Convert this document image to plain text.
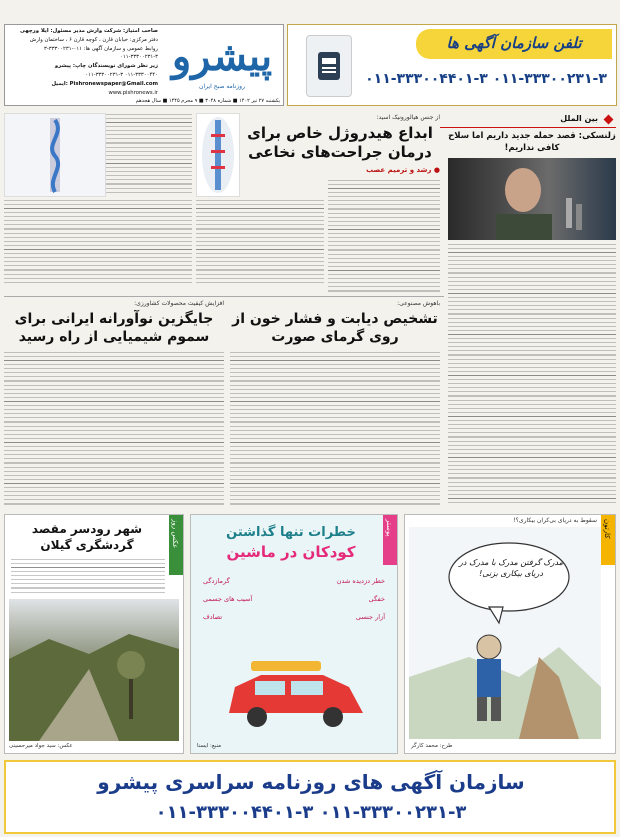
صاحب امتیاز: شرکت وارش مدیر مسئول: ایلا ورچهی
دفتر مرکزی: خیابان قارن ، کوچه قارن ۶ ، ساختمان وارش
روابط عمومی و سازمان آگهی ها: ۰۱۱-۳۳۳۰۰۲۳۱-۳
۰۱۱-۳۳۳۰۰۲۳۱-۳
زیر نظر شورای نویسندگان چاپ: پیشرو
۰۱۱-۳۳۳۰۰۴۴۰ ۰۱۱-۳۳۳۰۰۲۳۱-۳
ایمیل: Pishronewspaper@Gmail.com
www.pishronews.ir
پیشرو
روزنامه صبح ایران
یکشنبه ۲۷ تیر ۱۴۰۲ ■ شماره ۳۰۴۸ ■ ۹ محرم ۱۴۴۵ ■ سال هجدهم
تلفن سازمان آگهی ها
۰۱۱-۳۳۳۰۰۲۳۱-۳ ۰۱۱-۳۳۳۰۰۴۴۰۱-۳
بین الملل
زلنسکی: قصد حمله جدید داریم اما سلاح کافی نداریم!
از جنس هیالورونیک اسید:
ابداع هیدروژل خاص برای درمان جراحت‌های نخاعی
● رشد و ترمیم عصب
باهوش مصنوعی:
تشخیص دیابت و فشار خون از روی گرمای صورت
افزایش کیفیت محصولات کشاورزی:
جایگزین نوآورانه ایرانی برای سموم شیمیایی از راه رسید
عکس روز
شهر رودسر مقصد گردشگری گیلان
عکس: سید جواد میرحسینی
پوستر
خطرات تنها گذاشتن
کودکان در ماشین
خطر دزدیده شدن
گرمازدگی
خفگی
آسیب های جسمی
آزار جنسی
تصادف
منبع: ایسنا
سقوط به دریای بی‌کران بیکاری؟! کارتون
مدرک گرفتن مدرک با مدرک در دریای بیکاری بزنی!
طرح: محمد کارگر
سازمان آگهی های روزنامه سراسری پیشرو
۰۱۱-۳۳۳۰۰۲۳۱-۳ ۰۱۱-۳۳۳۰۰۴۴۰۱-۳
